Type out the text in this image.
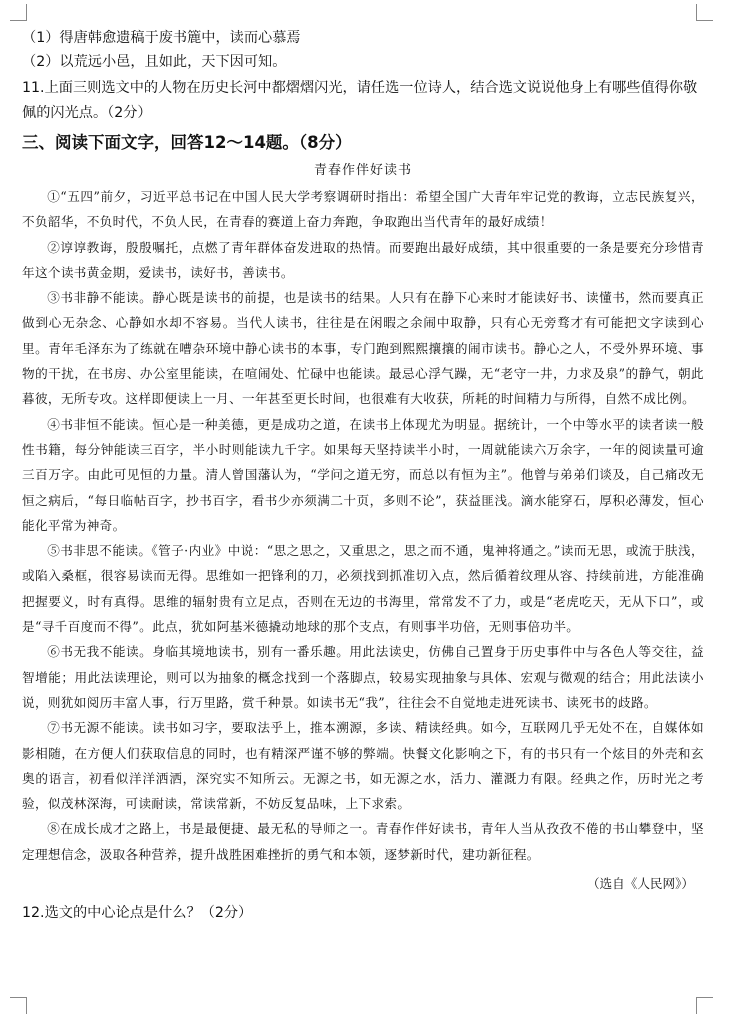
（1）得唐韩愈遗稿于废书簏中，读而心慕焉

（2）以荒远小邑，且如此，天下因可知。

11.上面三则选文中的人物在历史长河中都熠熠闪光，请任选一位诗人，结合选文说说他身上有哪些值得你敬佩的闪光点。（2分）

三、阅读下面文字，回答12～14题。（8分）

青春作伴好读书

①“五四”前夕，习近平总书记在中国人民大学考察调研时指出：希望全国广大青年牢记党的教诲，立志民族复兴，不负韶华，不负时代，不负人民，在青春的赛道上奋力奔跑，争取跑出当代青年的最好成绩！

②谆谆教诲，殷殷嘱托，点燃了青年群体奋发进取的热情。而要跑出最好成绩，其中很重要的一条是要充分珍惜青年这个读书黄金期，爱读书，读好书，善读书。

③书非静不能读。静心既是读书的前提，也是读书的结果。人只有在静下心来时才能读好书、读懂书，然而要真正做到心无杂念、心静如水却不容易。当代人读书，往往是在闲暇之余闹中取静，只有心无旁骛才有可能把文字读到心里。青年毛泽东为了练就在嘈杂环境中静心读书的本事，专门跑到熙熙攘攘的闹市读书。静心之人，不受外界环境、事物的干扰，在书房、办公室里能读，在喧闹处、忙碌中也能读。最忌心浮气躁，无“老守一井，力求及泉”的静气，朝此暮彼，无所专攻。这样即便读上一月、一年甚至更长时间，也很难有大收获，所耗的时间精力与所得，自然不成比例。

④书非恒不能读。恒心是一种美德，更是成功之道，在读书上体现尤为明显。据统计，一个中等水平的读者读一般性书籍，每分钟能读三百字，半小时则能读九千字。如果每天坚持读半小时，一周就能读六万余字，一年的阅读量可逾三百万字。由此可见恒的力量。清人曾国藩认为，“学问之道无穷，而总以有恒为主”。他曾与弟弟们谈及，自己痛改无恒之病后，“每日临帖百字，抄书百字，看书少亦须满二十页，多则不论”，获益匪浅。滴水能穿石，厚积必薄发，恒心能化平常为神奇。

⑤书非思不能读。《管子·内业》中说：“思之思之，又重思之，思之而不通，鬼神将通之。”读而无思，或流于肤浅，或陷入桑框，很容易读而无得。思维如一把锋利的刀，必须找到抓准切入点，然后循着纹理从容、持续前进，方能准确把握要义，时有真得。思维的辐射贵有立足点，否则在无边的书海里，常常发不了力，或是“老虎吃天，无从下口”，或是“寻千百度而不得”。此点，犹如阿基米德撬动地球的那个支点，有则事半功倍，无则事倍功半。

⑥书无我不能读。身临其境地读书，别有一番乐趣。用此法读史，仿佛自己置身于历史事件中与各色人等交往，益智增能；用此法读理论，则可以为抽象的概念找到一个落脚点，较易实现抽象与具体、宏观与微观的结合；用此法读小说，则犹如阅历丰富人事，行万里路，赏千种景。如读书无“我”，往往会不自觉地走进死读书、读死书的歧路。

⑦书无源不能读。读书如习字，要取法乎上，推本溯源，多读、精读经典。如今，互联网几乎无处不在，自媒体如影相随，在方便人们获取信息的同时，也有精深严谨不够的弊端。快餐文化影响之下，有的书只有一个炫目的外壳和玄奥的语言，初看似洋洋洒洒，深究实不知所云。无源之书，如无源之水，活力、灌溉力有限。经典之作，历时光之考验，似茂林深海，可读耐读，常读常新，不妨反复品味，上下求索。

⑧在成长成才之路上，书是最便捷、最无私的导师之一。青春作伴好读书，青年人当从孜孜不倦的书山攀登中，坚定理想信念，汲取各种营养，提升战胜困难挫折的勇气和本领，逐梦新时代，建功新征程。

（选自《人民网》）

12.选文的中心论点是什么？（2分）
